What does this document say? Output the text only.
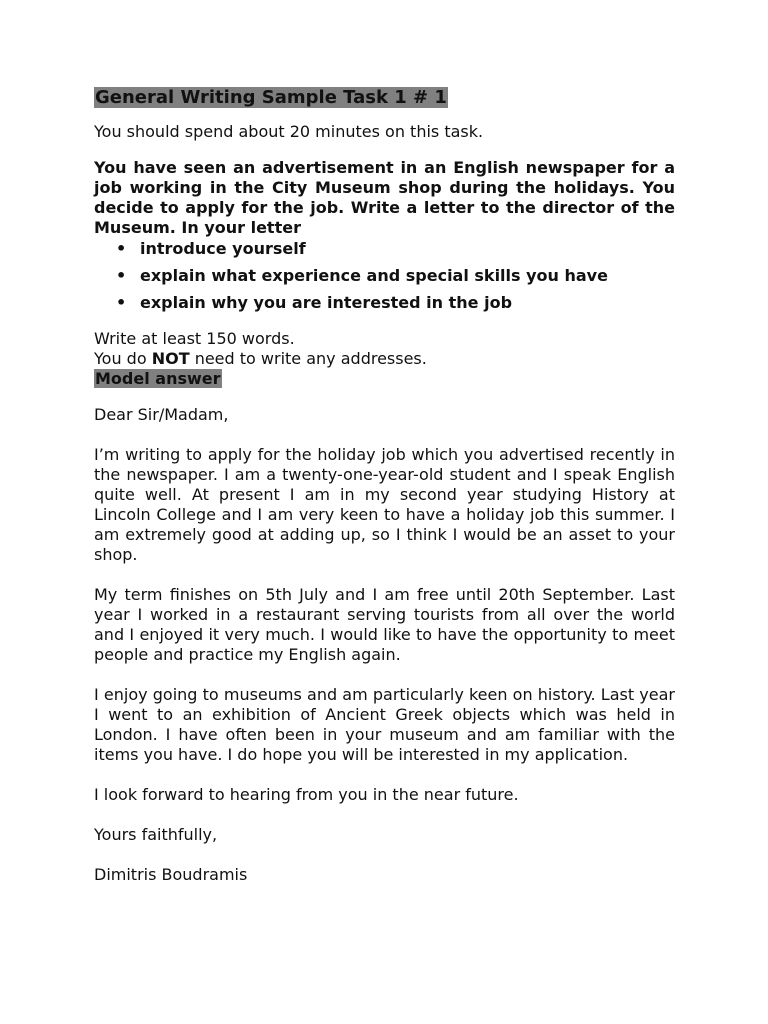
General Writing Sample Task 1 # 1

You should spend about 20 minutes on this task.

You have seen an advertisement in an English newspaper for a job working in the City Museum shop during the holidays. You decide to apply for the job. Write a letter to the director of the Museum. In your letter

• introduce yourself
• explain what experience and special skills you have
• explain why you are interested in the job

Write at least 150 words.
You do NOT need to write any addresses.
Model answer

Dear Sir/Madam,

I’m writing to apply for the holiday job which you advertised recently in the newspaper. I am a twenty-one-year-old student and I speak English quite well. At present I am in my second year studying History at Lincoln College and I am very keen to have a holiday job this summer. I am extremely good at adding up, so I think I would be an asset to your shop.

My term finishes on 5th July and I am free until 20th September. Last year I worked in a restaurant serving tourists from all over the world and I enjoyed it very much. I would like to have the opportunity to meet people and practice my English again.

I enjoy going to museums and am particularly keen on history. Last year I went to an exhibition of Ancient Greek objects which was held in London. I have often been in your museum and am familiar with the items you have. I do hope you will be interested in my application.

I look forward to hearing from you in the near future.

Yours faithfully,

Dimitris Boudramis
